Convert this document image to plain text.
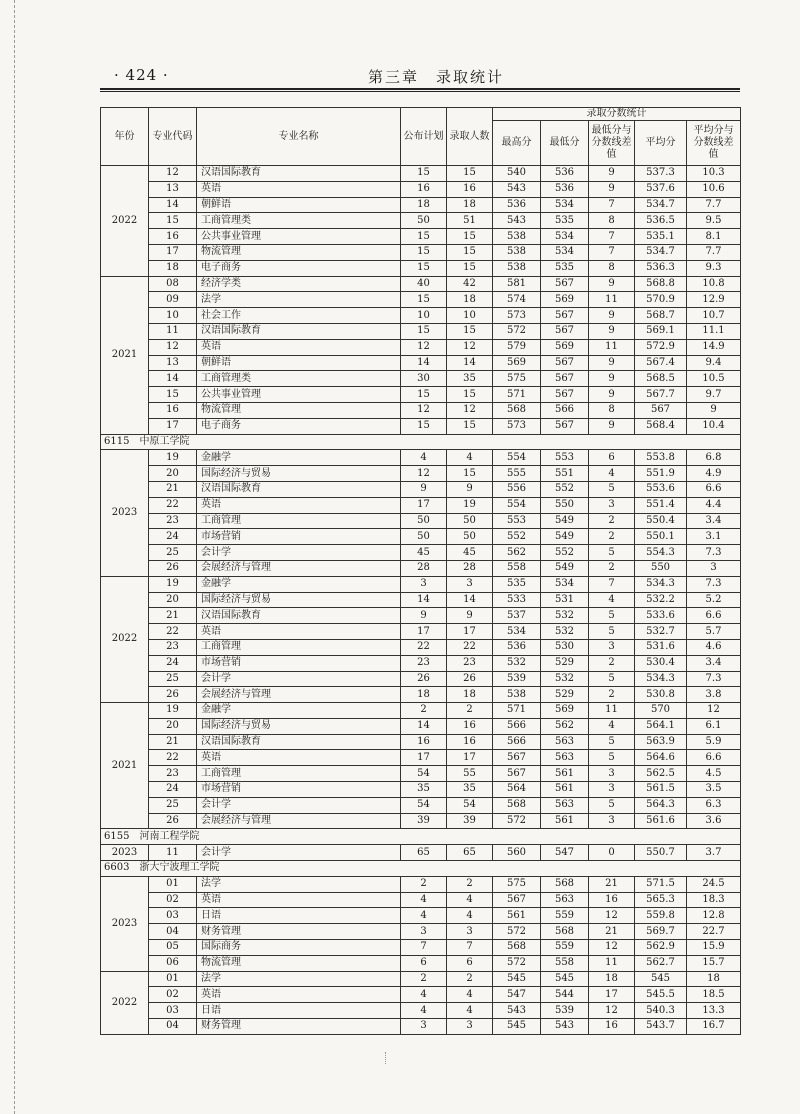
· 424 ·	第三章　录取统计
年份	专业代码	专业名称	公布计划	录取人数	录取分数统计				
					最高分	最低分	最低分与分数线差值	平均分	平均分与分数线差值
2022	12	汉语国际教育	15	15	540	536	9	537.3	10.3
	13	英语	16	16	543	536	9	537.6	10.6
	14	朝鲜语	18	18	536	534	7	534.7	7.7
	15	工商管理类	50	51	543	535	8	536.5	9.5
	16	公共事业管理	15	15	538	534	7	535.1	8.1
	17	物流管理	15	15	538	534	7	534.7	7.7
	18	电子商务	15	15	538	535	8	536.3	9.3
2021	08	经济学类	40	42	581	567	9	568.8	10.8
	09	法学	15	18	574	569	11	570.9	12.9
	10	社会工作	10	10	573	567	9	568.7	10.7
	11	汉语国际教育	15	15	572	567	9	569.1	11.1
	12	英语	12	12	579	569	11	572.9	14.9
	13	朝鲜语	14	14	569	567	9	567.4	9.4
	14	工商管理类	30	35	575	567	9	568.5	10.5
	15	公共事业管理	15	15	571	567	9	567.7	9.7
	16	物流管理	12	12	568	566	8	567	9
	17	电子商务	15	15	573	567	9	568.4	10.4
6115　中原工学院									
2023	19	金融学	4	4	554	553	6	553.8	6.8
	20	国际经济与贸易	12	15	555	551	4	551.9	4.9
	21	汉语国际教育	9	9	556	552	5	553.6	6.6
	22	英语	17	19	554	550	3	551.4	4.4
	23	工商管理	50	50	553	549	2	550.4	3.4
	24	市场营销	50	50	552	549	2	550.1	3.1
	25	会计学	45	45	562	552	5	554.3	7.3
	26	会展经济与管理	28	28	558	549	2	550	3
2022	19	金融学	3	3	535	534	7	534.3	7.3
	20	国际经济与贸易	14	14	533	531	4	532.2	5.2
	21	汉语国际教育	9	9	537	532	5	533.6	6.6
	22	英语	17	17	534	532	5	532.7	5.7
	23	工商管理	22	22	536	530	3	531.6	4.6
	24	市场营销	23	23	532	529	2	530.4	3.4
	25	会计学	26	26	539	532	5	534.3	7.3
	26	会展经济与管理	18	18	538	529	2	530.8	3.8
2021	19	金融学	2	2	571	569	11	570	12
	20	国际经济与贸易	14	16	566	562	4	564.1	6.1
	21	汉语国际教育	16	16	566	563	5	563.9	5.9
	22	英语	17	17	567	563	5	564.6	6.6
	23	工商管理	54	55	567	561	3	562.5	4.5
	24	市场营销	35	35	564	561	3	561.5	3.5
	25	会计学	54	54	568	563	5	564.3	6.3
	26	会展经济与管理	39	39	572	561	3	561.6	3.6
6155　河南工程学院									
2023	11	会计学	65	65	560	547	0	550.7	3.7
6603　浙大宁波理工学院									
2023	01	法学	2	2	575	568	21	571.5	24.5
	02	英语	4	4	567	563	16	565.3	18.3
	03	日语	4	4	561	559	12	559.8	12.8
	04	财务管理	3	3	572	568	21	569.7	22.7
	05	国际商务	7	7	568	559	12	562.9	15.9
	06	物流管理	6	6	572	558	11	562.7	15.7
2022	01	法学	2	2	545	545	18	545	18
	02	英语	4	4	547	544	17	545.5	18.5
	03	日语	4	4	543	539	12	540.3	13.3
	04	财务管理	3	3	545	543	16	543.7	16.7
